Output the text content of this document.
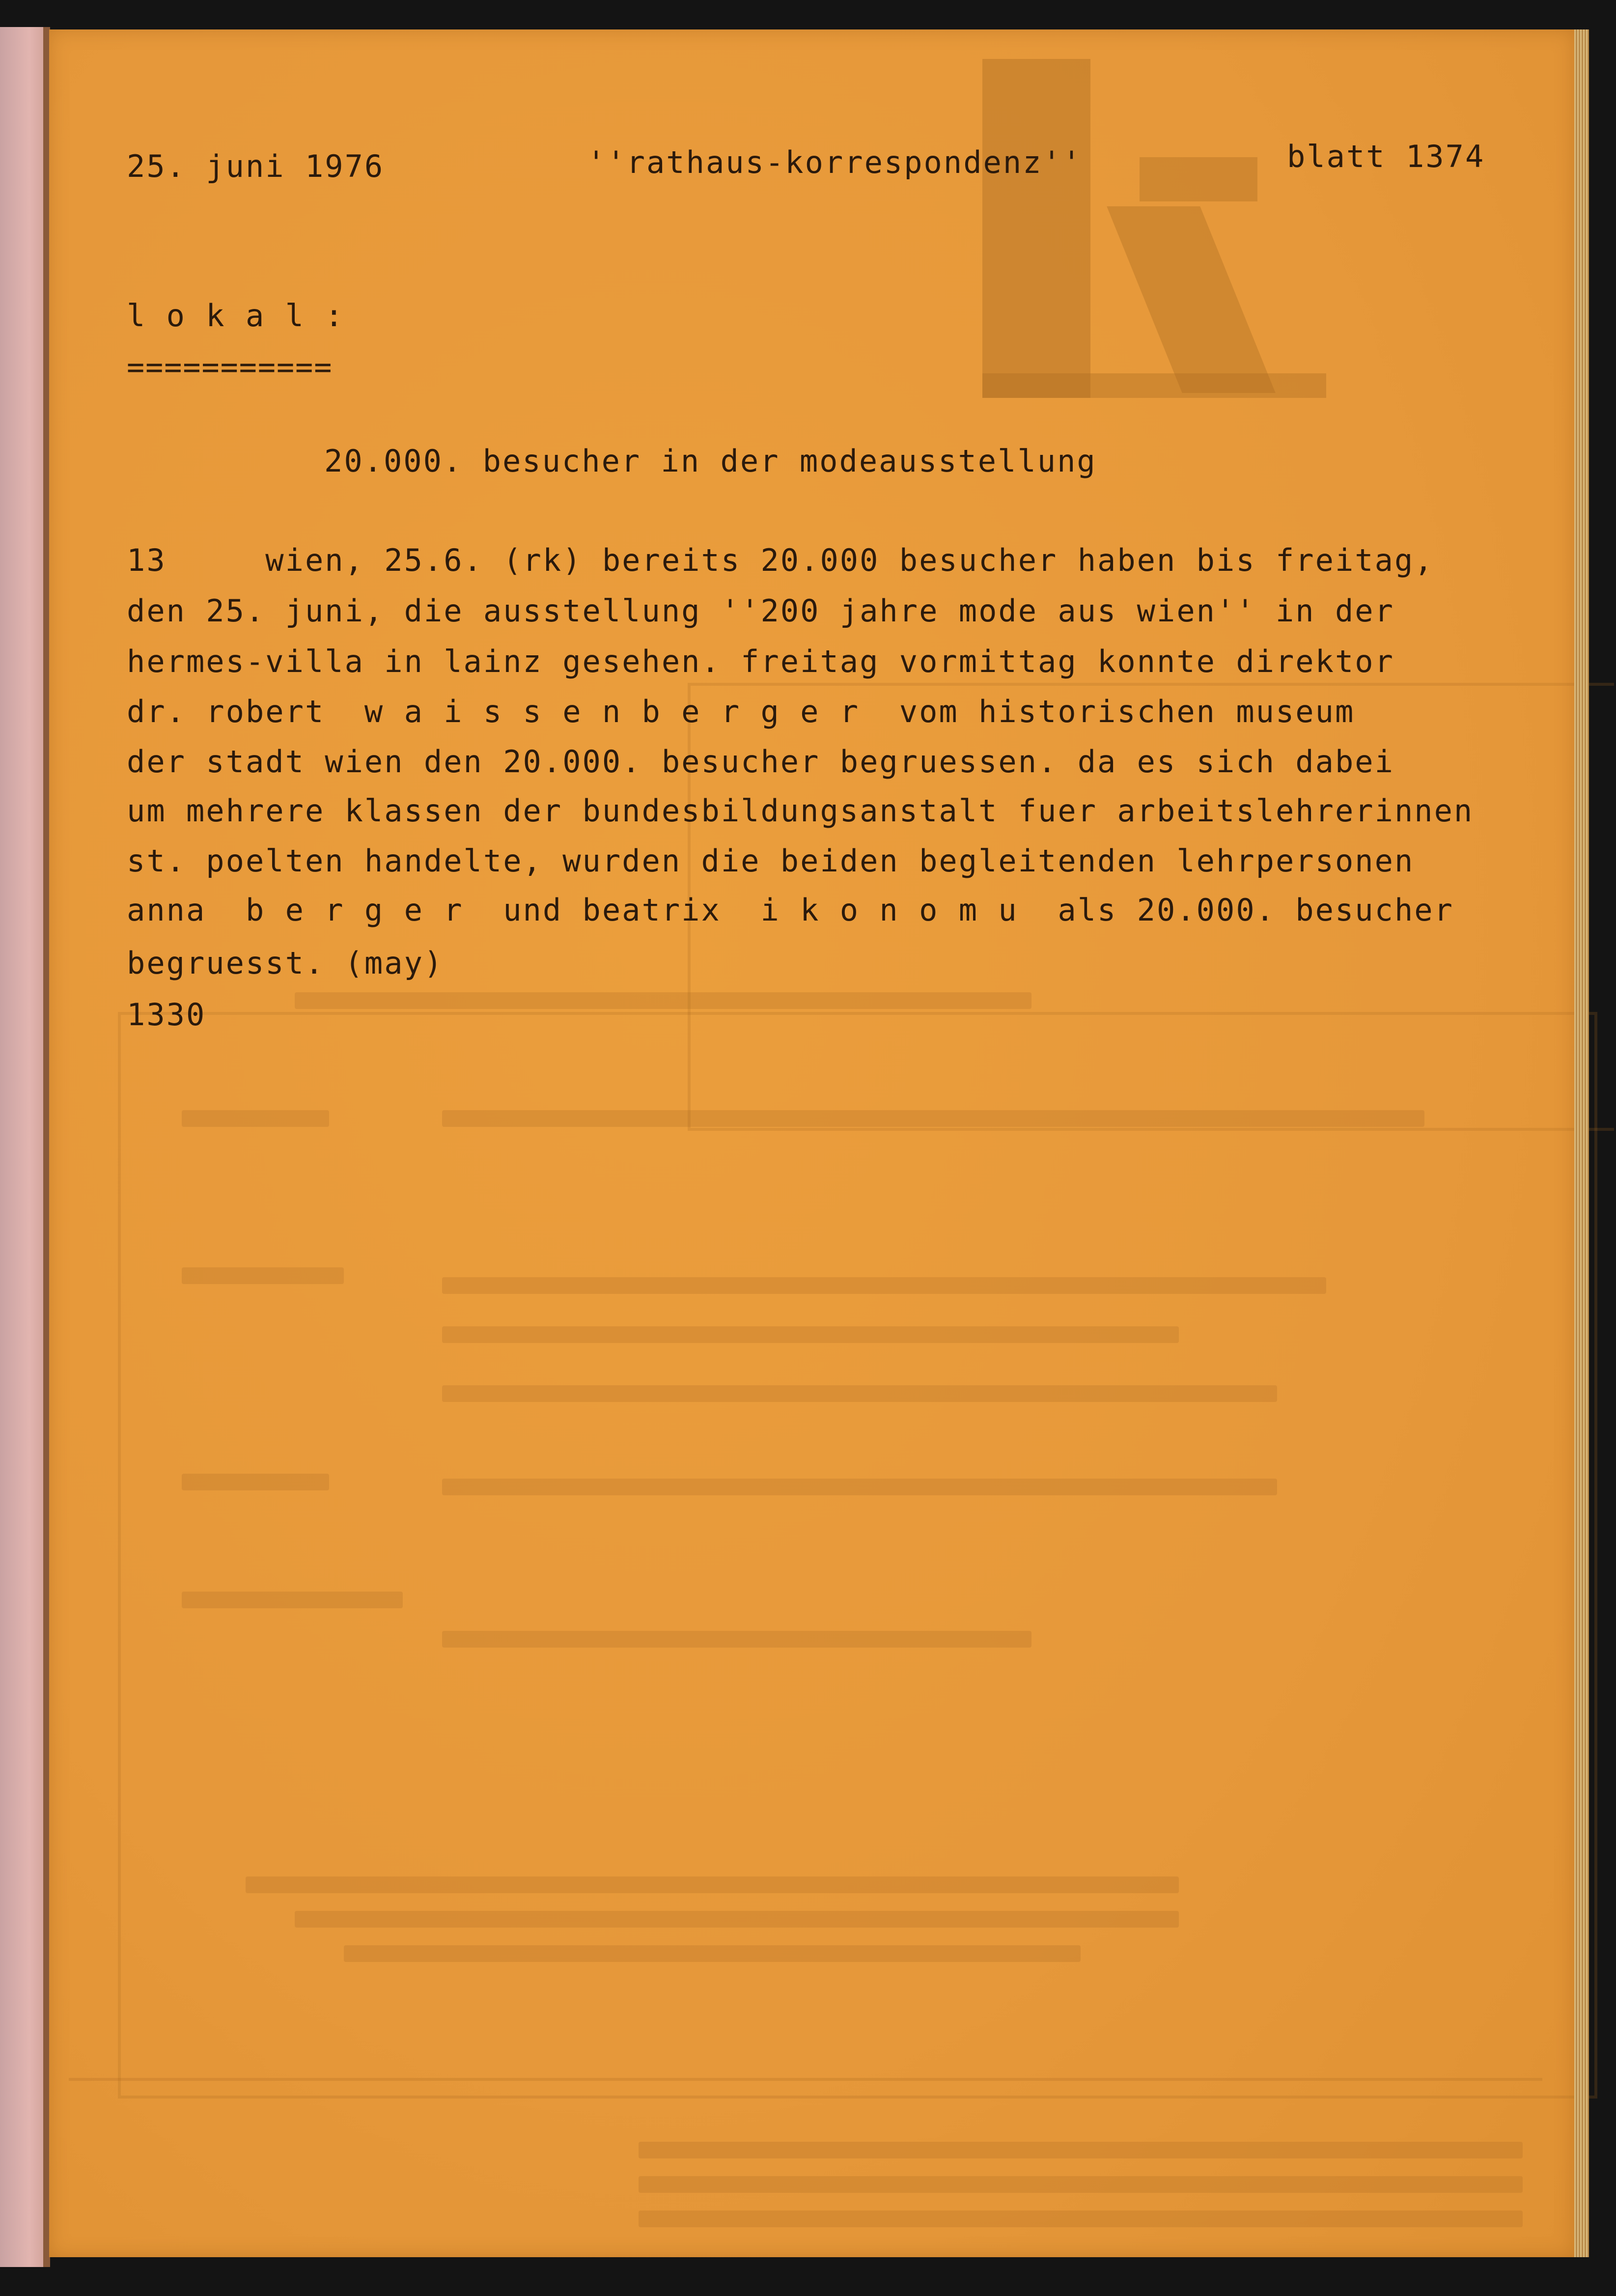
25. juni 1976	''rathaus-korrespondenz''	blatt 1374
l o k a l :
===========
20.000. besucher in der modeausstellung
13     wien, 25.6. (rk) bereits 20.000 besucher haben bis freitag,
den 25. juni, die ausstellung ''200 jahre mode aus wien'' in der
hermes-villa in lainz gesehen. freitag vormittag konnte direktor
dr. robert  w a i s s e n b e r g e r  vom historischen museum
der stadt wien den 20.000. besucher begruessen. da es sich dabei
um mehrere klassen der bundesbildungsanstalt fuer arbeitslehrerinnen
st. poelten handelte, wurden die beiden begleitenden lehrpersonen
anna  b e r g e r  und beatrix  i k o n o m u  als 20.000. besucher
begruesst. (may)
1330
